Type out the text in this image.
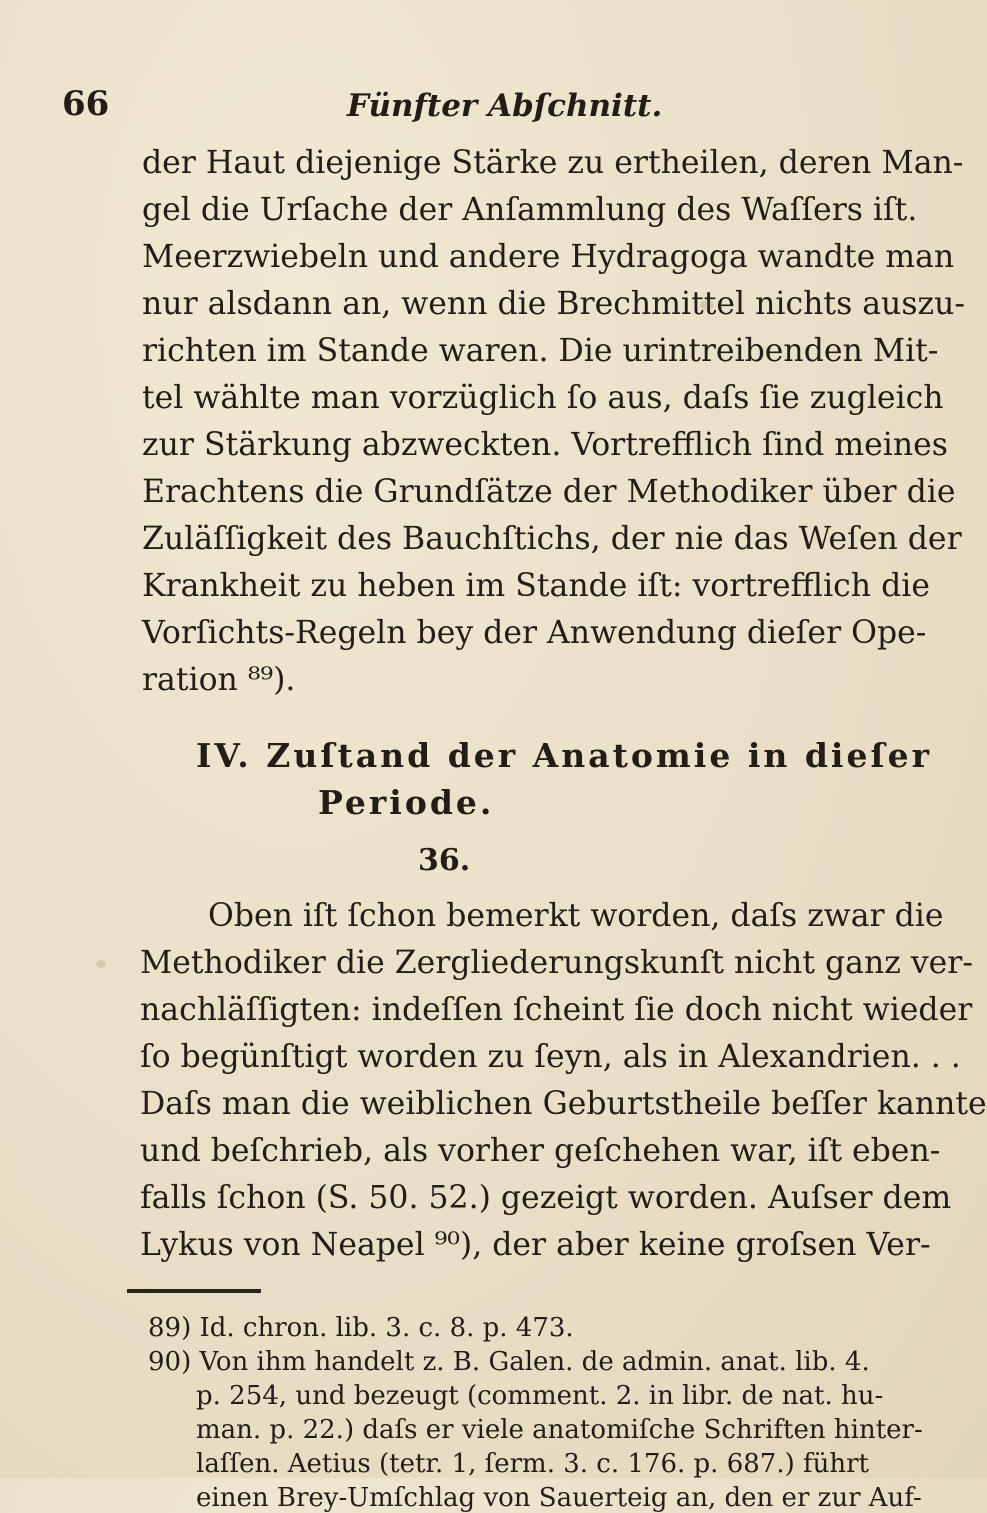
66	Fünfter Abſchnitt.
der Haut diejenige Stärke zu ertheilen, deren Man-
gel die Urſache der Anſammlung des Waſſers iſt.
Meerzwiebeln und andere Hydragoga wandte man
nur alsdann an, wenn die Brechmittel nichts auszu-
richten im Stande waren. Die urintreibenden Mit-
tel wählte man vorzüglich ſo aus, daſs ſie zugleich
zur Stärkung abzweckten. Vortrefflich ſind meines
Erachtens die Grundſätze der Methodiker über die
Zuläſſigkeit des Bauchſtichs, der nie das Weſen der
Krankheit zu heben im Stande iſt: vortrefflich die
Vorſichts-Regeln bey der Anwendung dieſer Ope-
ration ⁸⁹).
IV. Zuſtand der Anatomie in dieſer
Periode.
36.
Oben iſt ſchon bemerkt worden, daſs zwar die
Methodiker die Zergliederungskunſt nicht ganz ver-
nachläſſigten: indeſſen ſcheint ſie doch nicht wieder
ſo begünſtigt worden zu ſeyn, als in Alexandrien. . .
Daſs man die weiblichen Geburtstheile beſſer kannte
und beſchrieb, als vorher geſchehen war, iſt eben-
falls ſchon (S. 50. 52.) gezeigt worden. Auſser dem
Lykus von Neapel ⁹⁰), der aber keine groſsen Ver-
89) Id. chron. lib. 3. c. 8. p. 473.
90) Von ihm handelt z. B. Galen. de admin. anat. lib. 4.
p. 254, und bezeugt (comment. 2. in libr. de nat. hu-
man. p. 22.) daſs er viele anatomiſche Schriften hinter-
laſſen. Aetius (tetr. 1, ſerm. 3. c. 176. p. 687.) führt
einen Brey-Umſchlag von Sauerteig an, den er zur Auf-
